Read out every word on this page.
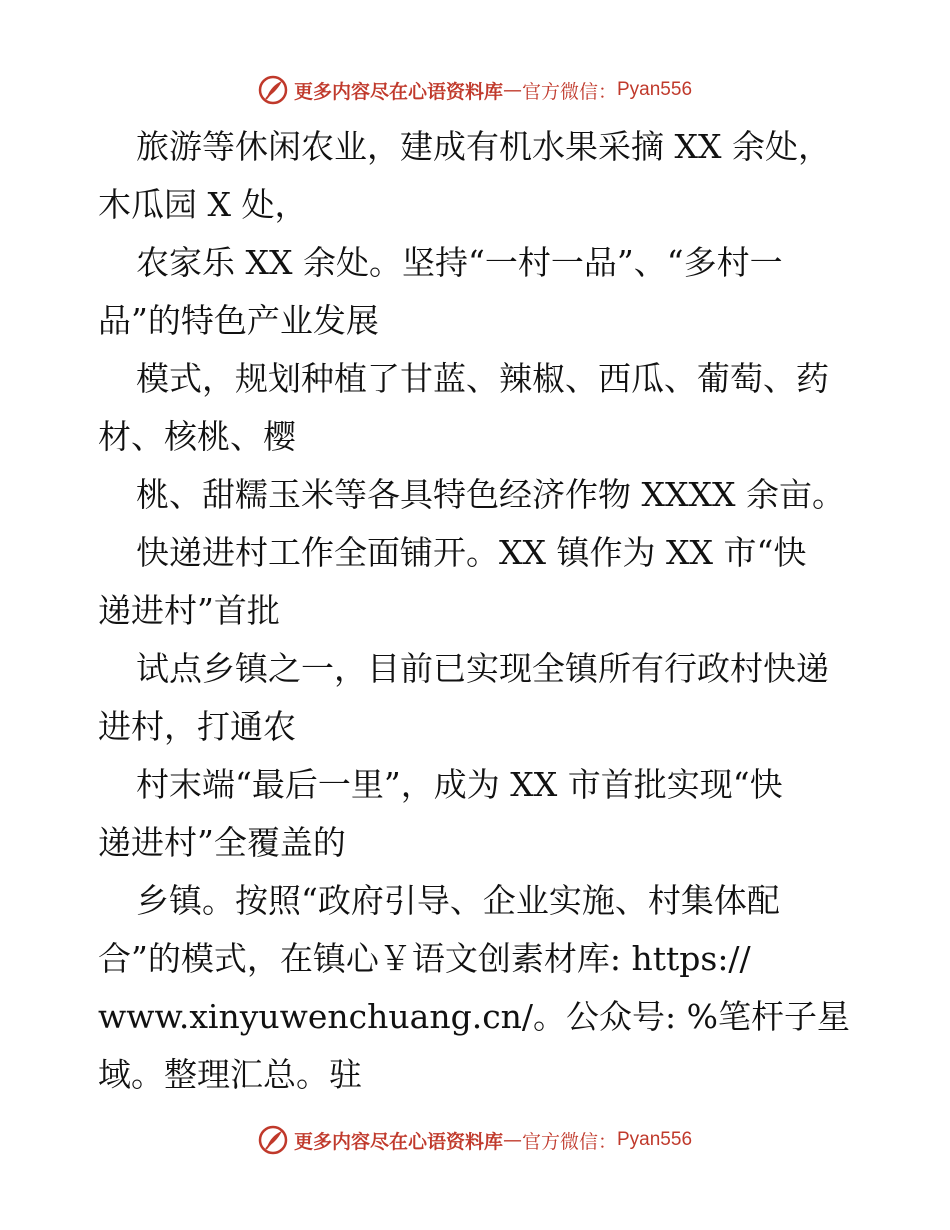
更多内容尽在心语资料库 — 官方微信： Pyan556
旅游等休闲农业，建成有机水果采摘 XX 余处，
木瓜园 X 处，
农家乐 XX 余处。坚持“一村一品”、“多村一
品”的特色产业发展
模式，规划种植了甘蓝、辣椒、西瓜、葡萄、药
材、核桃、樱
桃、甜糯玉米等各具特色经济作物 XXXX 余亩。
快递进村工作全面铺开。XX 镇作为 XX 市“快
递进村”首批
试点乡镇之一，目前已实现全镇所有行政村快递
进村，打通农
村末端“最后一里”，成为 XX 市首批实现“快
递进村”全覆盖的
乡镇。按照“政府引导、企业实施、村集体配
合”的模式，在镇心￥语文创素材库: https://
www.xinyuwenchuang.cn/。公众号: %笔杆子星
域。整理汇总。驻
更多内容尽在心语资料库 — 官方微信： Pyan556
